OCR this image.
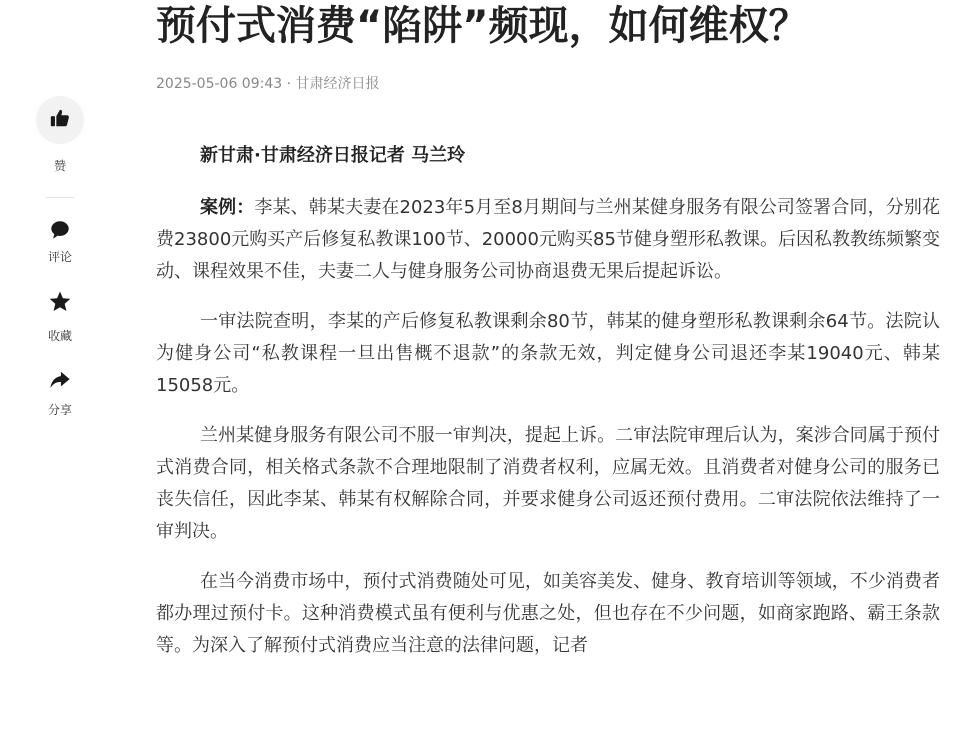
预付式消费“陷阱”频现，如何维权？
2025-05-06 09:43 · 甘肃经济日报
赞
评论
收藏
分享

新甘肃·甘肃经济日报记者 马兰玲

案例：李某、韩某夫妻在2023年5月至8月期间与兰州某健身服务有限公司签署合同，分别花费23800元购买产后修复私教课100节、20000元购买85节健身塑形私教课。后因私教教练频繁变动、课程效果不佳，夫妻二人与健身服务公司协商退费无果后提起诉讼。

一审法院查明，李某的产后修复私教课剩余80节，韩某的健身塑形私教课剩余64节。法院认为健身公司“私教课程一旦出售概不退款”的条款无效，判定健身公司退还李某19040元、韩某15058元。

兰州某健身服务有限公司不服一审判决，提起上诉。二审法院审理后认为，案涉合同属于预付式消费合同，相关格式条款不合理地限制了消费者权利，应属无效。且消费者对健身公司的服务已丧失信任，因此李某、韩某有权解除合同，并要求健身公司返还预付费用。二审法院依法维持了一审判决。

在当今消费市场中，预付式消费随处可见，如美容美发、健身、教育培训等领域，不少消费者都办理过预付卡。这种消费模式虽有便利与优惠之处，但也存在不少问题，如商家跑路、霸王条款等。为深入了解预付式消费应当注意的法律问题，记者
